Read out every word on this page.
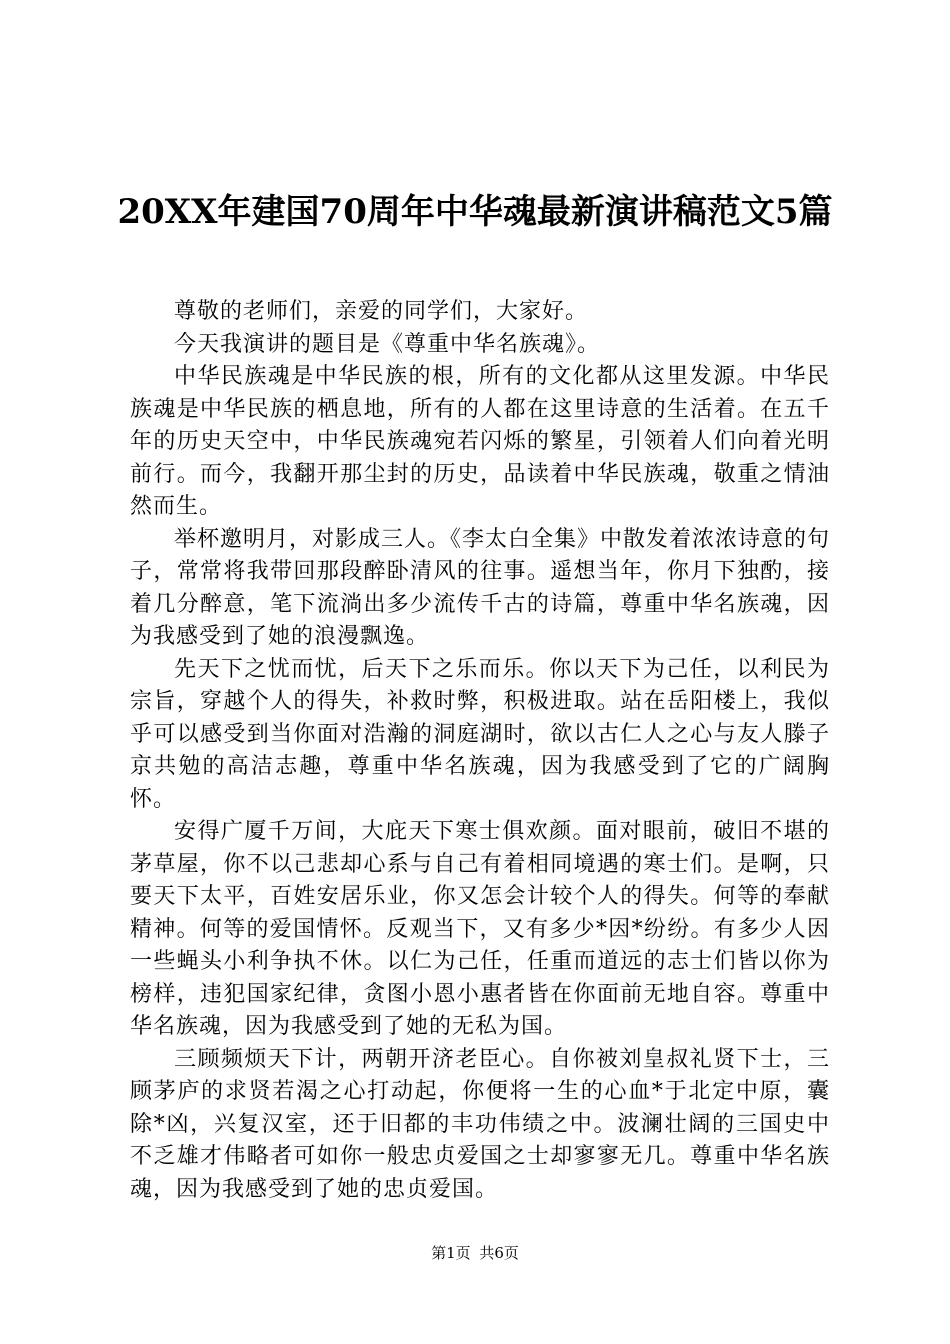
20XX年建国70周年中华魂最新演讲稿范文5篇

尊敬的老师们，亲爱的同学们，大家好。

今天我演讲的题目是《尊重中华名族魂》。

中华民族魂是中华民族的根，所有的文化都从这里发源。中华民族魂是中华民族的栖息地，所有的人都在这里诗意的生活着。在五千年的历史天空中，中华民族魂宛若闪烁的繁星，引领着人们向着光明前行。而今，我翻开那尘封的历史，品读着中华民族魂，敬重之情油然而生。

举杯邀明月，对影成三人。《李太白全集》中散发着浓浓诗意的句子，常常将我带回那段醉卧清风的往事。遥想当年，你月下独酌，接着几分醉意，笔下流淌出多少流传千古的诗篇，尊重中华名族魂，因为我感受到了她的浪漫飘逸。

先天下之忧而忧，后天下之乐而乐。你以天下为己任，以利民为宗旨，穿越个人的得失，补救时弊，积极进取。站在岳阳楼上，我似乎可以感受到当你面对浩瀚的洞庭湖时，欲以古仁人之心与友人滕子京共勉的高洁志趣，尊重中华名族魂，因为我感受到了它的广阔胸怀。

安得广厦千万间，大庇天下寒士俱欢颜。面对眼前，破旧不堪的茅草屋，你不以己悲却心系与自己有着相同境遇的寒士们。是啊，只要天下太平，百姓安居乐业，你又怎会计较个人的得失。何等的奉献精神。何等的爱国情怀。反观当下，又有多少*因*纷纷。有多少人因一些蝇头小利争执不休。以仁为己任，任重而道远的志士们皆以你为榜样，违犯国家纪律，贪图小恩小惠者皆在你面前无地自容。尊重中华名族魂，因为我感受到了她的无私为国。

三顾频烦天下计，两朝开济老臣心。自你被刘皇叔礼贤下士，三顾茅庐的求贤若渴之心打动起，你便将一生的心血*于北定中原，囊除*凶，兴复汉室，还于旧都的丰功伟绩之中。波澜壮阔的三国史中不乏雄才伟略者可如你一般忠贞爱国之士却寥寥无几。尊重中华名族魂，因为我感受到了她的忠贞爱国。

第1页 共6页
